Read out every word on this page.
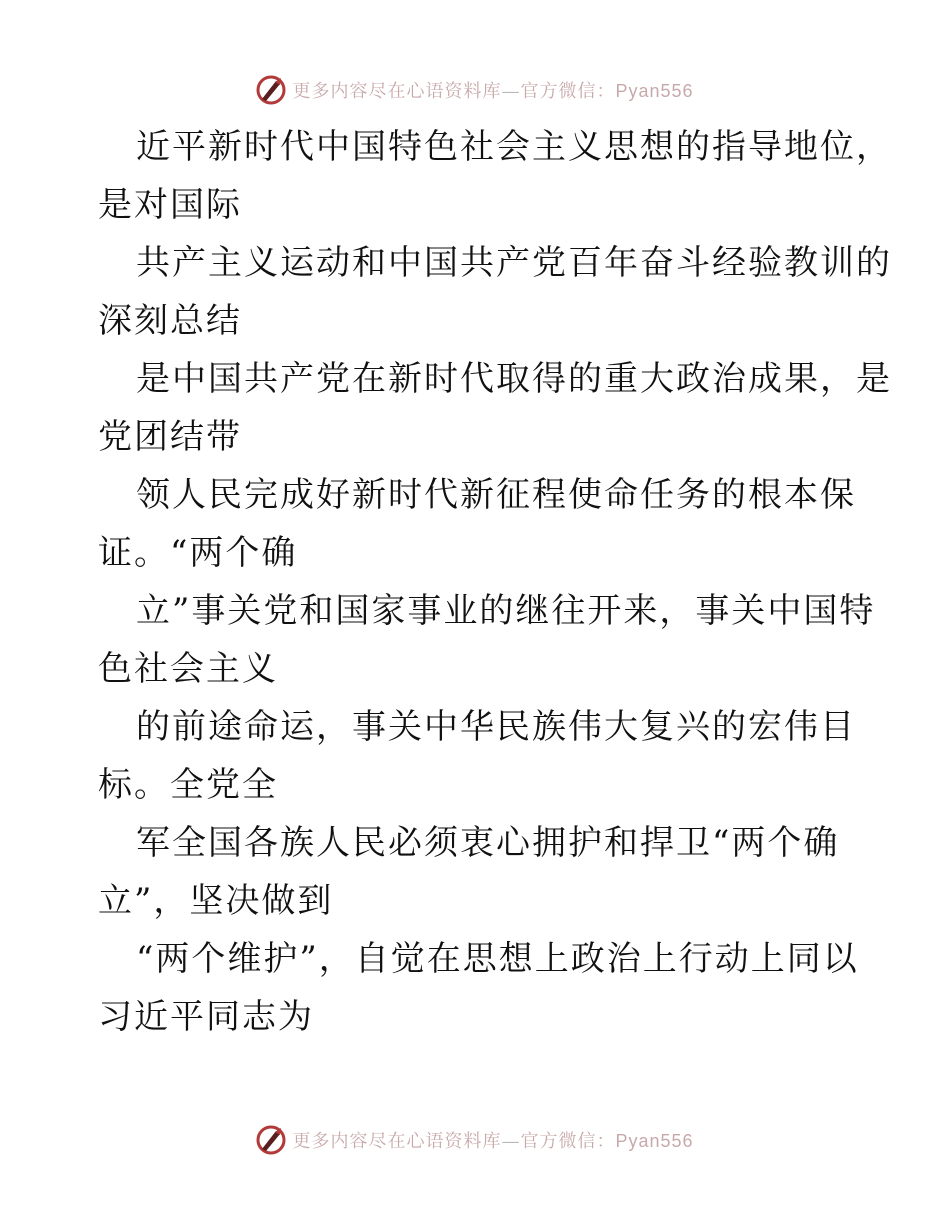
更多内容尽在心语资料库—官方微信：Pyan556
近平新时代中国特色社会主义思想的指导地位，
是对国际
共产主义运动和中国共产党百年奋斗经验教训的
深刻总结
是中国共产党在新时代取得的重大政治成果，是
党团结带
领人民完成好新时代新征程使命任务的根本保
证。“两个确
立”事关党和国家事业的继往开来，事关中国特
色社会主义
的前途命运，事关中华民族伟大复兴的宏伟目
标。全党全
军全国各族人民必须衷心拥护和捍卫“两个确
立”，坚决做到
“两个维护”，自觉在思想上政治上行动上同以
习近平同志为
更多内容尽在心语资料库—官方微信：Pyan556
